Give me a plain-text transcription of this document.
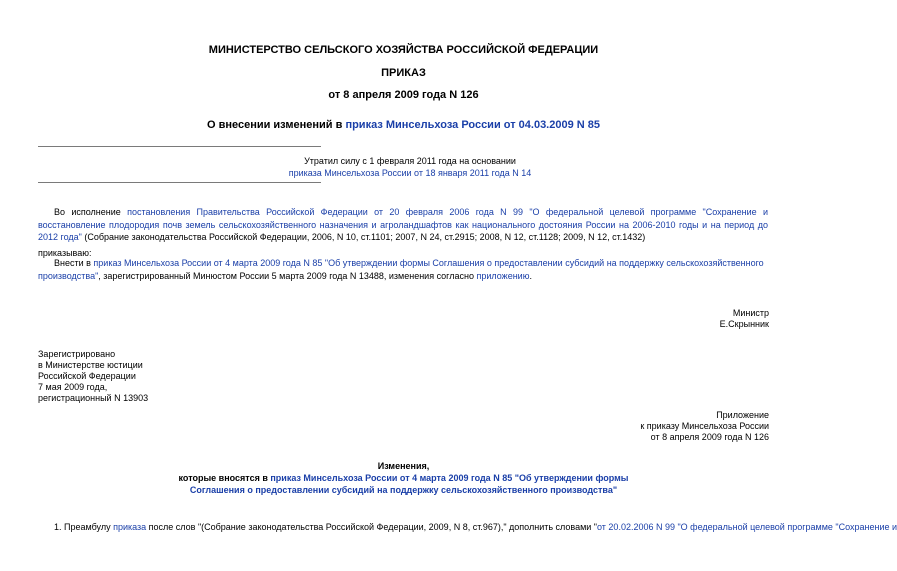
МИНИСТЕРСТВО СЕЛЬСКОГО ХОЗЯЙСТВА РОССИЙСКОЙ ФЕДЕРАЦИИ
ПРИКАЗ
от 8 апреля 2009 года N 126
О внесении изменений в приказ Минсельхоза России от 04.03.2009 N 85
Утратил силу с 1 февраля 2011 года на основании
приказа Минсельхоза России от 18 января 2011 года N 14
Во исполнение постановления Правительства Российской Федерации от 20 февраля 2006 года N 99 "О федеральной целевой программе "Сохранение и восстановление плодородия почв земель сельскохозяйственного назначения и агроландшафтов как национального достояния России на 2006-2010 годы и на период до 2012 года" (Собрание законодательства Российской Федерации, 2006, N 10, ст.1101; 2007, N 24, ст.2915; 2008, N 12, ст.1128; 2009, N 12, ст.1432)
приказываю:
Внести в приказ Минсельхоза России от 4 марта 2009 года N 85 "Об утверждении формы Соглашения о предоставлении субсидий на поддержку сельскохозяйственного производства", зарегистрированный Минюстом России 5 марта 2009 года N 13488, изменения согласно приложению.
Министр
Е.Скрынник
Зарегистрировано
в Министерстве юстиции
Российской Федерации
7 мая 2009 года,
регистрационный N 13903
Приложение
к приказу Минсельхоза России
от 8 апреля 2009 года N 126
Изменения,
которые вносятся в приказ Минсельхоза России от 4 марта 2009 года N 85 "Об утверждении формы
Соглашения о предоставлении субсидий на поддержку сельскохозяйственного производства"
1. Преамбулу приказа после слов "(Собрание законодательства Российской Федерации, 2009, N 8, ст.967)," дополнить словами "от 20.02.2006 N 99 "О федеральной целевой программе "Сохранение и
